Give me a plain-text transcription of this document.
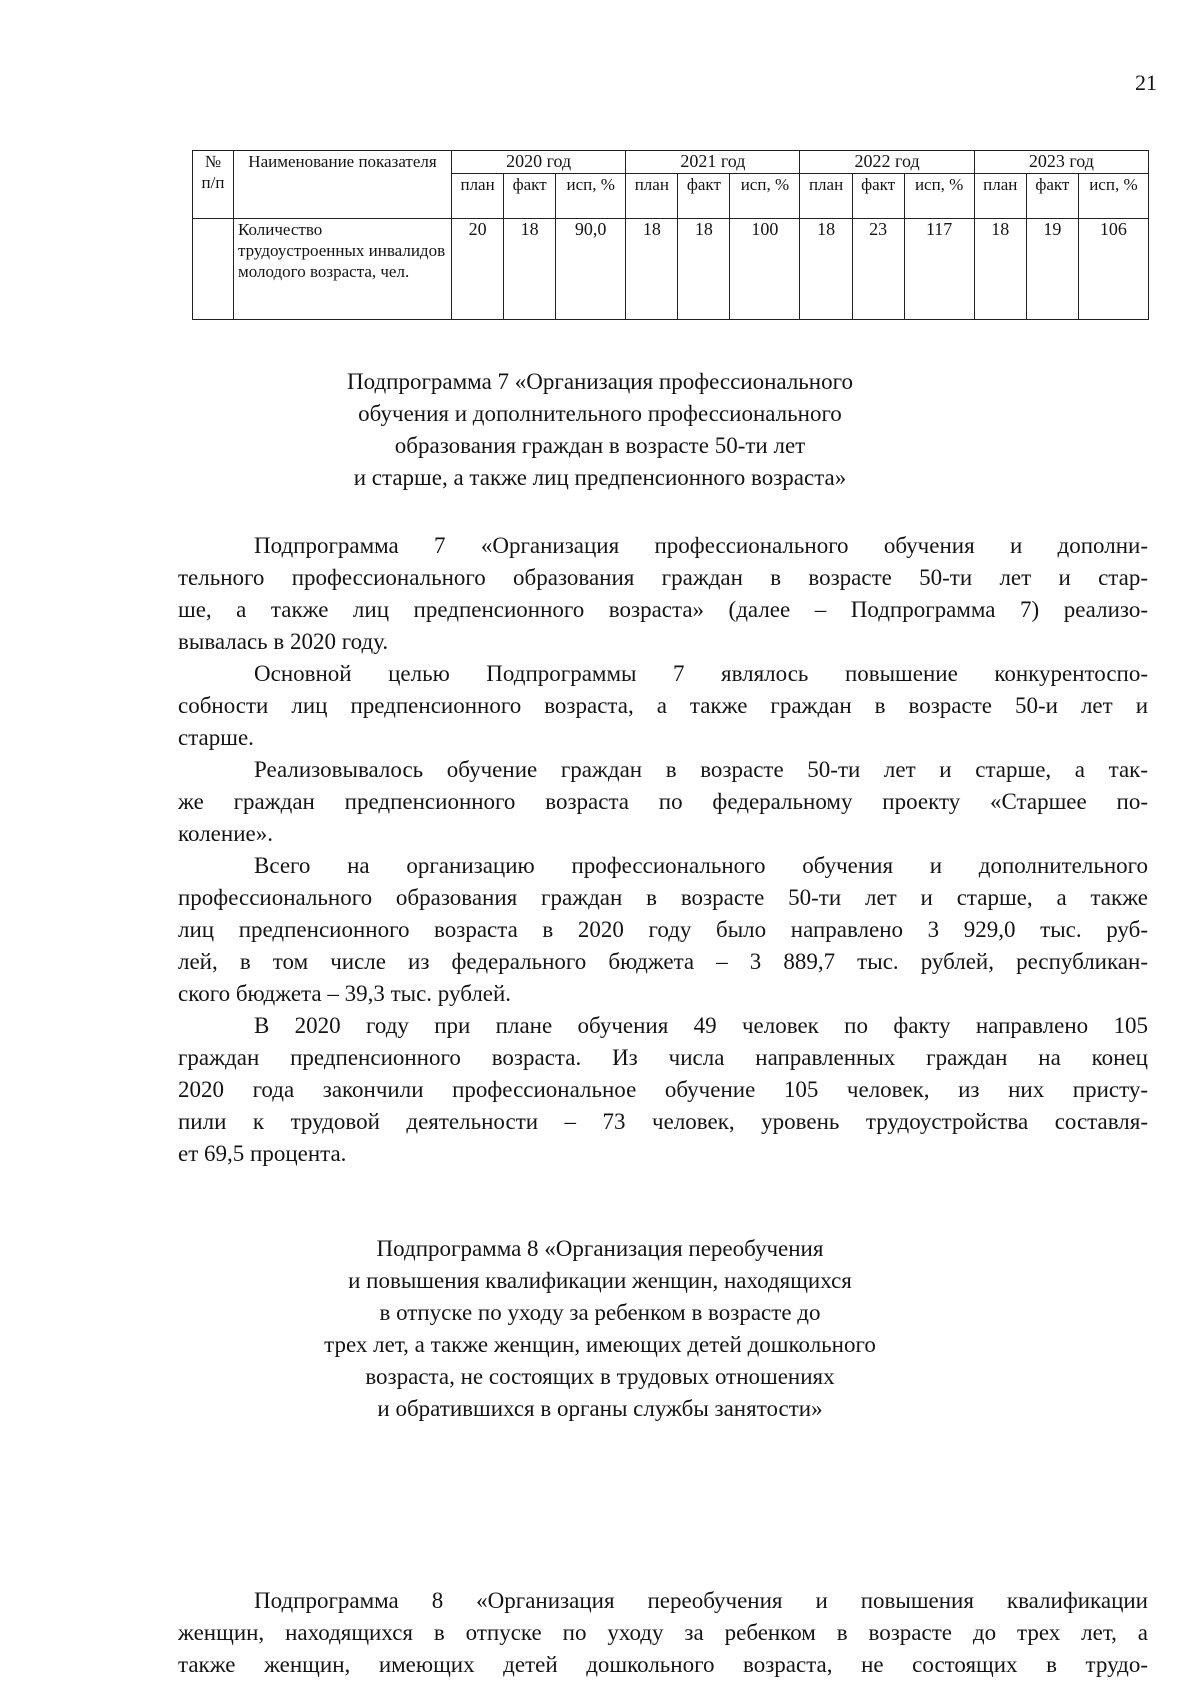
21
№ п/п	Наименование показателя	2020 год			2021 год			2022 год			2023 год		
		план	факт	исп, %	план	факт	исп, %	план	факт	исп, %	план	факт	исп, %
	Количество трудоустроенных инвалидов молодого возраста, чел.	20	18	90,0	18	18	100	18	23	117	18	19	106
Подпрограмма 7 «Организация профессионального
обучения и дополнительного профессионального
образования граждан в возрасте 50-ти лет
и старше, а также лиц предпенсионного возраста»

Подпрограмма 7 «Организация профессионального обучения и дополни-
тельного профессионального образования граждан в возрасте 50-ти лет и стар-
ше, а также лиц предпенсионного возраста» (далее – Подпрограмма 7) реализо-
вывалась в 2020 году.

Основной целью Подпрограммы 7 являлось повышение конкурентоспо-
собности лиц предпенсионного возраста, а также граждан в возрасте 50-и лет и
старше.

Реализовывалось обучение граждан в возрасте 50-ти лет и старше, а так-
же граждан предпенсионного возраста по федеральному проекту «Старшее по-
коление».

Всего на организацию профессионального обучения и дополнительного
профессионального образования граждан в возрасте 50-ти лет и старше, а также
лиц предпенсионного возраста в 2020 году было направлено 3 929,0 тыс. руб-
лей, в том числе из федерального бюджета – 3 889,7 тыс. рублей, республикан-
ского бюджета – 39,3 тыс. рублей.

В 2020 году при плане обучения 49 человек по факту направлено 105
граждан предпенсионного возраста. Из числа направленных граждан на конец
2020 года закончили профессиональное обучение 105 человек, из них присту-
пили к трудовой деятельности – 73 человек, уровень трудоустройства составля-
ет 69,5 процента.

Подпрограмма 8 «Организация переобучения
и повышения квалификации женщин, находящихся
в отпуске по уходу за ребенком в возрасте до
трех лет, а также женщин, имеющих детей дошкольного
возраста, не состоящих в трудовых отношениях
и обратившихся в органы службы занятости»

Подпрограмма 8 «Организация переобучения и повышения квалификации
женщин, находящихся в отпуске по уходу за ребенком в возрасте до трех лет, а
также женщин, имеющих детей дошкольного возраста, не состоящих в трудо-
